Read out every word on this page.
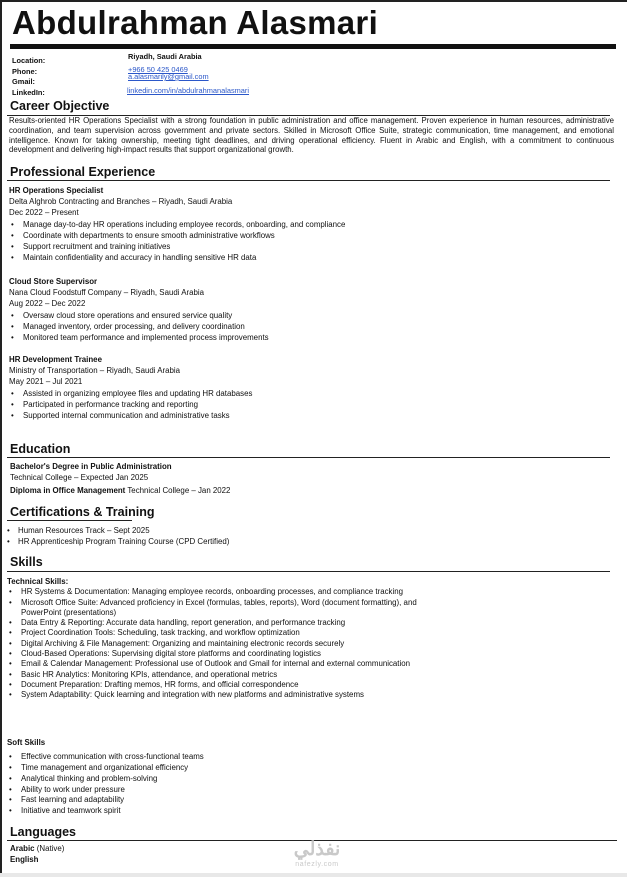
Abdulrahman Alasmari
Location:	Riyadh, Saudi Arabia
Phone:	+966 50 425 0469
Gmail:
a.alasmarily@gmail.com
LinkedIn:	linkedin.com/in/abdulrahmanalasmari
Career Objective
Results-oriented HR Operations Specialist with a strong foundation in public administration and office management. Proven experience in human resources, administrative coordination, and team supervision across government and private sectors. Skilled in Microsoft Office Suite, strategic communication, time management, and emotional intelligence. Known for taking ownership, meeting tight deadlines, and driving operational efficiency. Fluent in Arabic and English, with a commitment to continuous development and delivering high-impact results that support organizational growth.
Professional Experience
HR Operations Specialist
Delta Alghrob Contracting and Branches – Riyadh, Saudi Arabia
Dec 2022 – Present
• Manage day-to-day HR operations including employee records, onboarding, and compliance
• Coordinate with departments to ensure smooth administrative workflows
• Support recruitment and training initiatives
• Maintain confidentiality and accuracy in handling sensitive HR data
Cloud Store Supervisor
Nana Cloud Foodstuff Company – Riyadh, Saudi Arabia
Aug 2022 – Dec 2022
• Oversaw cloud store operations and ensured service quality
• Managed inventory, order processing, and delivery coordination
• Monitored team performance and implemented process improvements
HR Development Trainee
Ministry of Transportation – Riyadh, Saudi Arabia
May 2021 – Jul 2021
• Assisted in organizing employee files and updating HR databases
• Participated in performance tracking and reporting
• Supported internal communication and administrative tasks
Education
Bachelor's Degree in Public Administration
Technical College – Expected Jan 2025
Diploma in Office Management Technical College – Jan 2022
Certifications & Training
• Human Resources Track – Sept 2025
• HR Apprenticeship Program Training Course (CPD Certified)
Skills
Technical Skills:
• HR Systems & Documentation: Managing employee records, onboarding processes, and compliance tracking
• Microsoft Office Suite: Advanced proficiency in Excel (formulas, tables, reports), Word (document formatting), and PowerPoint (presentations)
• Data Entry & Reporting: Accurate data handling, report generation, and performance tracking
• Project Coordination Tools: Scheduling, task tracking, and workflow optimization
• Digital Archiving & File Management: Organizing and maintaining electronic records securely
• Cloud-Based Operations: Supervising digital store platforms and coordinating logistics
• Email & Calendar Management: Professional use of Outlook and Gmail for internal and external communication
• Basic HR Analytics: Monitoring KPIs, attendance, and operational metrics
• Document Preparation: Drafting memos, HR forms, and official correspondence
• System Adaptability: Quick learning and integration with new platforms and administrative systems
Soft Skills
• Effective communication with cross-functional teams
• Time management and organizational efficiency
• Analytical thinking and problem-solving
• Ability to work under pressure
• Fast learning and adaptability
• Initiative and teamwork spirit
Languages
Arabic (Native)
English	نفذلي
nafezly.com
